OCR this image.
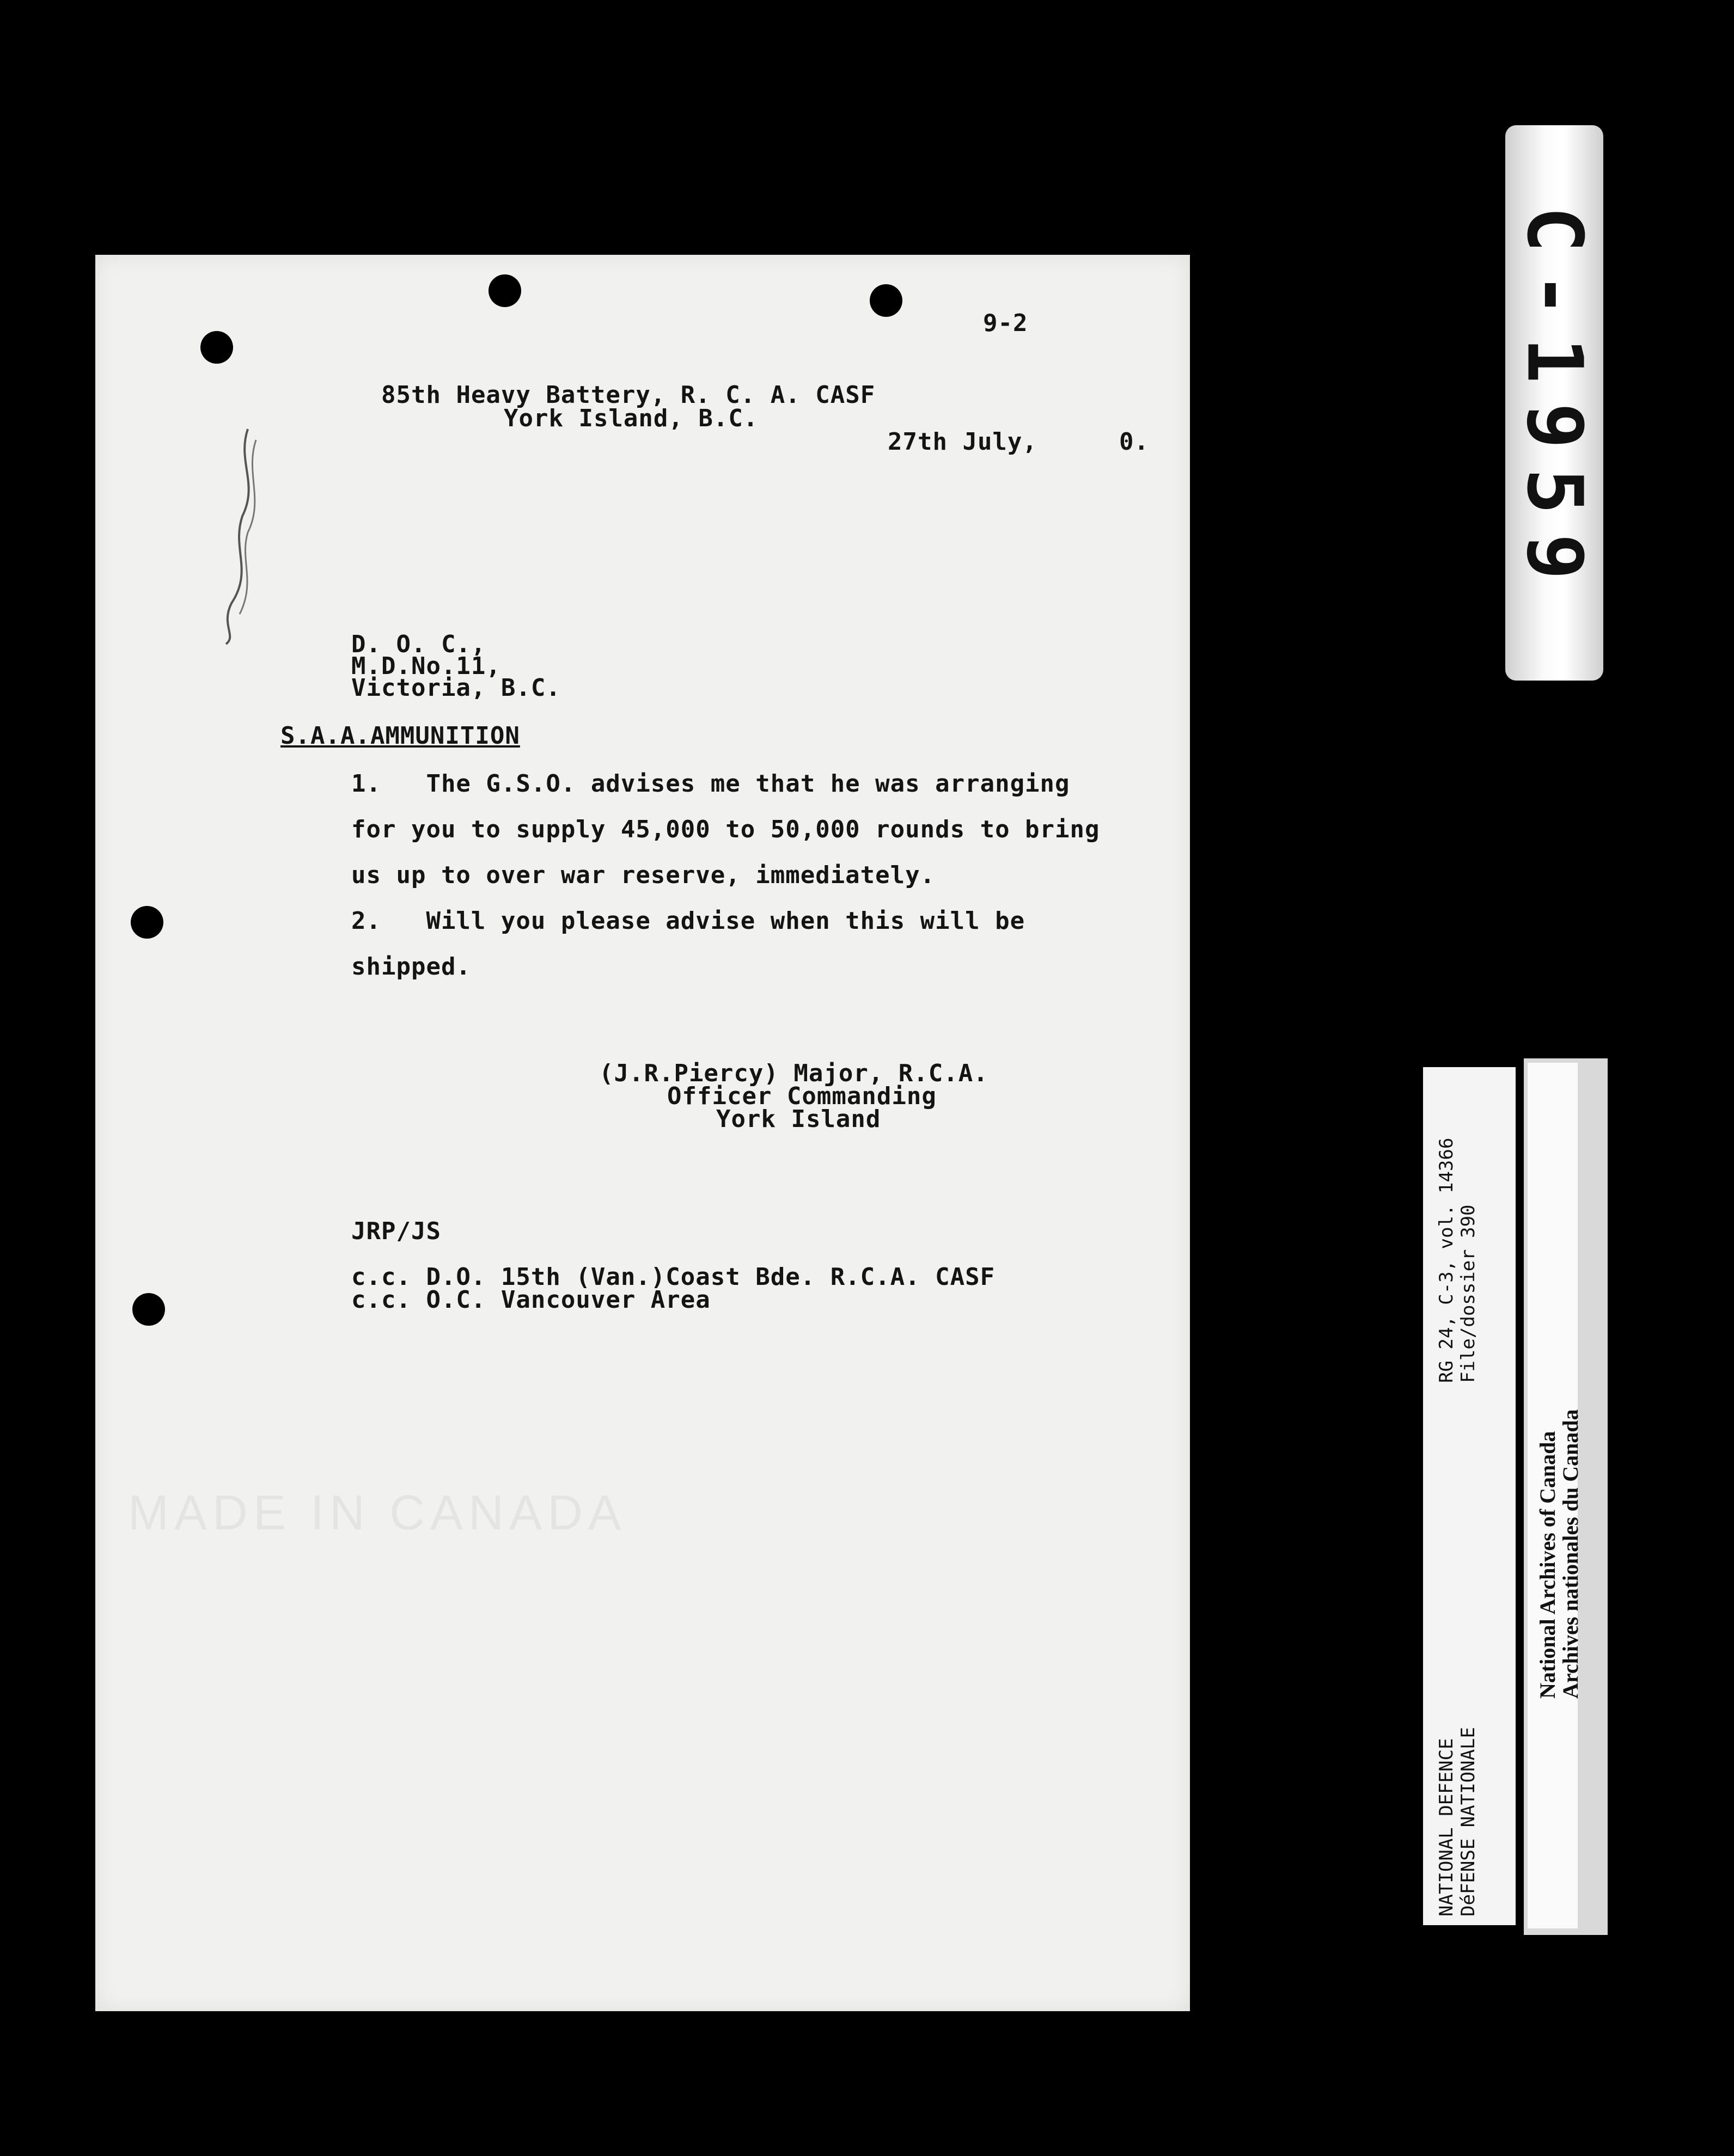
MADE IN CANADA
9-2
85th Heavy Battery, R. C. A. CASF
York Island, B.C.
27th July,	0.
D. O. C.,
M.D.No.11,
Victoria, B.C.
S.A.A.AMMUNITION
1.   The G.S.O. advises me that he was arranging
for you to supply 45,000 to 50,000 rounds to bring
us up to over war reserve, immediately.
2.   Will you please advise when this will be
shipped.
(J.R.Piercy) Major, R.C.A.
Officer Commanding
York Island
JRP/JS
c.c. D.O. 15th (Van.)Coast Bde. R.C.A. CASF
c.c. O.C. Vancouver Area
C-1959
NATIONAL DEFENCE DéFENSE NATIONALE
RG 24, C-3, vol. 14366 File/dossier 390
National Archives of Canada
Archives nationales du Canada
